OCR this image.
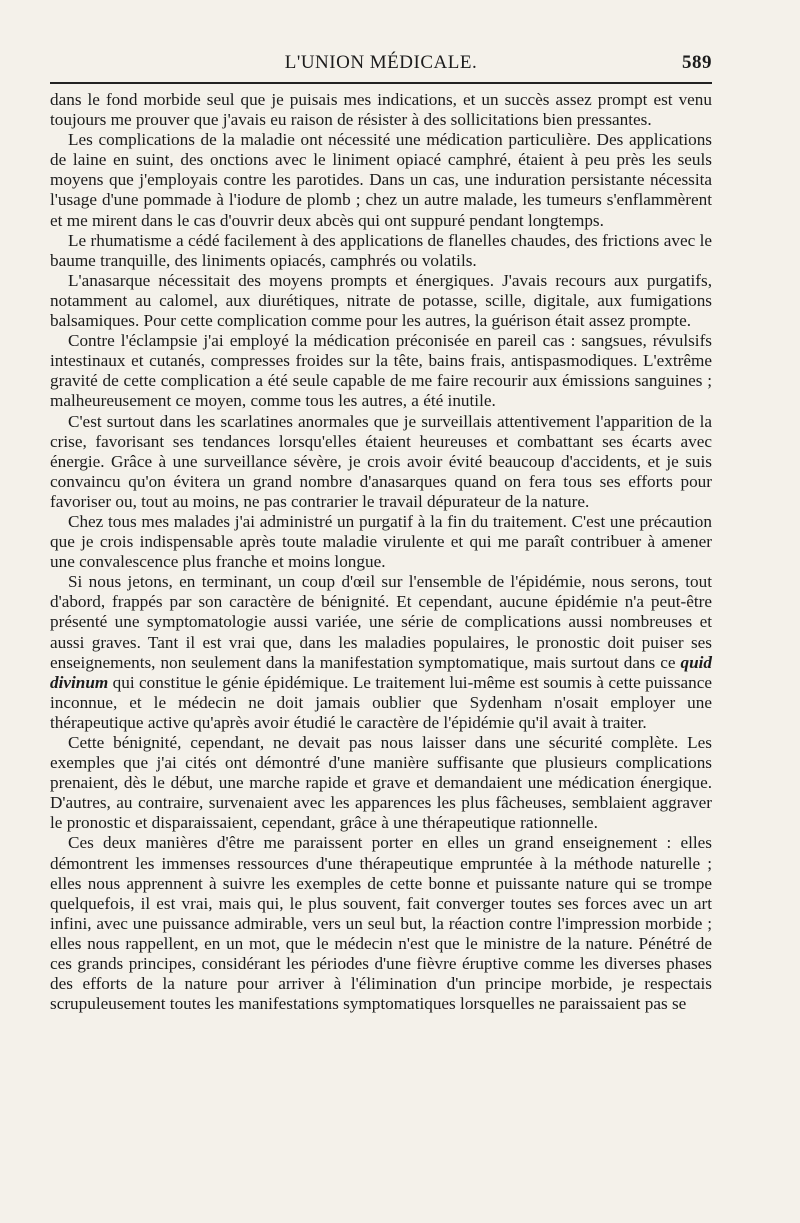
L'UNION MÉDICALE.	589

dans le fond morbide seul que je puisais mes indications, et un succès assez prompt est venu toujours me prouver que j'avais eu raison de résister à des sollicitations bien pressantes.

Les complications de la maladie ont nécessité une médication particulière. Des applications de laine en suint, des onctions avec le liniment opiacé camphré, étaient à peu près les seuls moyens que j'employais contre les parotides. Dans un cas, une induration persistante nécessita l'usage d'une pommade à l'iodure de plomb ; chez un autre malade, les tumeurs s'enflammèrent et me mirent dans le cas d'ouvrir deux abcès qui ont suppuré pendant longtemps.

Le rhumatisme a cédé facilement à des applications de flanelles chaudes, des frictions avec le baume tranquille, des liniments opiacés, camphrés ou volatils.

L'anasarque nécessitait des moyens prompts et énergiques. J'avais recours aux purgatifs, notamment au calomel, aux diurétiques, nitrate de potasse, scille, digitale, aux fumigations balsamiques. Pour cette complication comme pour les autres, la guérison était assez prompte.

Contre l'éclampsie j'ai employé la médication préconisée en pareil cas : sangsues, révulsifs intestinaux et cutanés, compresses froides sur la tête, bains frais, antispasmodiques. L'extrême gravité de cette complication a été seule capable de me faire recourir aux émissions sanguines ; malheureusement ce moyen, comme tous les autres, a été inutile.

C'est surtout dans les scarlatines anormales que je surveillais attentivement l'apparition de la crise, favorisant ses tendances lorsqu'elles étaient heureuses et combattant ses écarts avec énergie. Grâce à une surveillance sévère, je crois avoir évité beaucoup d'accidents, et je suis convaincu qu'on évitera un grand nombre d'anasarques quand on fera tous ses efforts pour favoriser ou, tout au moins, ne pas contrarier le travail dépurateur de la nature.

Chez tous mes malades j'ai administré un purgatif à la fin du traitement. C'est une précaution que je crois indispensable après toute maladie virulente et qui me paraît contribuer à amener une convalescence plus franche et moins longue.

Si nous jetons, en terminant, un coup d'œil sur l'ensemble de l'épidémie, nous serons, tout d'abord, frappés par son caractère de bénignité. Et cependant, aucune épidémie n'a peut-être présenté une symptomatologie aussi variée, une série de complications aussi nombreuses et aussi graves. Tant il est vrai que, dans les maladies populaires, le pronostic doit puiser ses enseignements, non seulement dans la manifestation symptomatique, mais surtout dans ce quid divinum qui constitue le génie épidémique. Le traitement lui-même est soumis à cette puissance inconnue, et le médecin ne doit jamais oublier que Sydenham n'osait employer une thérapeutique active qu'après avoir étudié le caractère de l'épidémie qu'il avait à traiter.

Cette bénignité, cependant, ne devait pas nous laisser dans une sécurité complète. Les exemples que j'ai cités ont démontré d'une manière suffisante que plusieurs complications prenaient, dès le début, une marche rapide et grave et demandaient une médication énergique. D'autres, au contraire, survenaient avec les apparences les plus fâcheuses, semblaient aggraver le pronostic et disparaissaient, cependant, grâce à une thérapeutique rationnelle.

Ces deux manières d'être me paraissent porter en elles un grand enseignement : elles démontrent les immenses ressources d'une thérapeutique empruntée à la méthode naturelle ; elles nous apprennent à suivre les exemples de cette bonne et puissante nature qui se trompe quelquefois, il est vrai, mais qui, le plus souvent, fait converger toutes ses forces avec un art infini, avec une puissance admirable, vers un seul but, la réaction contre l'impression morbide ; elles nous rappellent, en un mot, que le médecin n'est que le ministre de la nature. Pénétré de ces grands principes, considérant les périodes d'une fièvre éruptive comme les diverses phases des efforts de la nature pour arriver à l'élimination d'un principe morbide, je respectais scrupuleusement toutes les manifestations symptomatiques lorsquelles ne paraissaient pas se
